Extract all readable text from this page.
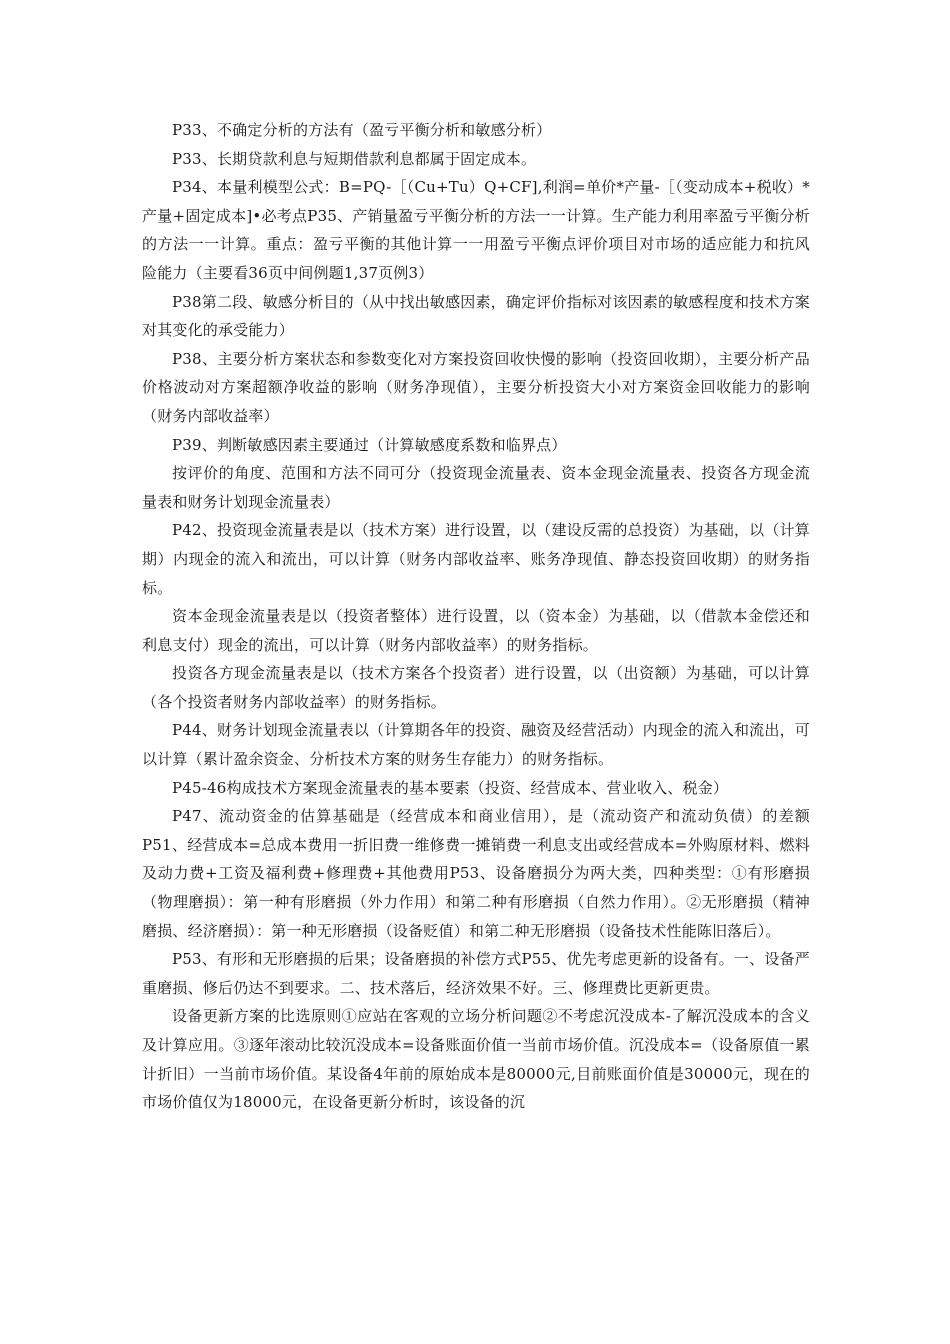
P33、不确定分析的方法有（盈亏平衡分析和敏感分析）

P33、长期贷款利息与短期借款利息都属于固定成本。

P34、本量利模型公式：B=PQ-［（Cu+Tu）Q+CF],利润=单价*产量-［（变动成本+税收）*产量+固定成本]•必考点P35、产销量盈亏平衡分析的方法一一计算。生产能力利用率盈亏平衡分析的方法一一计算。重点：盈亏平衡的其他计算一一用盈亏平衡点评价项目对市场的适应能力和抗风险能力（主要看36页中间例题1,37页例3）

P38第二段、敏感分析目的（从中找出敏感因素，确定评价指标对该因素的敏感程度和技术方案对其变化的承受能力）

P38、主要分析方案状态和参数变化对方案投资回收快慢的影响（投资回收期），主要分析产品价格波动对方案超额净收益的影响（财务净现值），主要分析投资大小对方案资金回收能力的影响（财务内部收益率）

P39、判断敏感因素主要通过（计算敏感度系数和临界点）

按评价的角度、范围和方法不同可分（投资现金流量表、资本金现金流量表、投资各方现金流量表和财务计划现金流量表）

P42、投资现金流量表是以（技术方案）进行设置，以（建设反需的总投资）为基础，以（计算期）内现金的流入和流出，可以计算（财务内部收益率、账务净现值、静态投资回收期）的财务指标。

资本金现金流量表是以（投资者整体）进行设置，以（资本金）为基础，以（借款本金偿还和利息支付）现金的流出，可以计算（财务内部收益率）的财务指标。

投资各方现金流量表是以（技术方案各个投资者）进行设置，以（出资额）为基础，可以计算（各个投资者财务内部收益率）的财务指标。

P44、财务计划现金流量表以（计算期各年的投资、融资及经营活动）内现金的流入和流出，可以计算（累计盈余资金、分析技术方案的财务生存能力）的财务指标。

P45-46构成技术方案现金流量表的基本要素（投资、经营成本、营业收入、税金）

P47、流动资金的估算基础是（经营成本和商业信用），是（流动资产和流动负债）的差额P51、经营成本=总成本费用一折旧费一维修费一摊销费一利息支出或经营成本=外购原材料、燃料及动力费+工资及福利费+修理费+其他费用P53、设备磨损分为两大类，四种类型：①有形磨损（物理磨损）：第一种有形磨损（外力作用）和第二种有形磨损（自然力作用）。②无形磨损（精神磨损、经济磨损）：第一种无形磨损（设备贬值）和第二种无形磨损（设备技术性能陈旧落后）。

P53、有形和无形磨损的后果；设备磨损的补偿方式P55、优先考虑更新的设备有。一、设备严重磨损、修后仍达不到要求。二、技术落后，经济效果不好。三、修理费比更新更贵。

设备更新方案的比选原则①应站在客观的立场分析问题②不考虑沉没成本-了解沉没成本的含义及计算应用。③逐年滚动比较沉没成本=设备账面价值一当前市场价值。沉没成本=（设备原值一累计折旧）一当前市场价值。某设备4年前的原始成本是80000元,目前账面价值是30000元，现在的市场价值仅为18000元，在设备更新分析时，该设备的沉
